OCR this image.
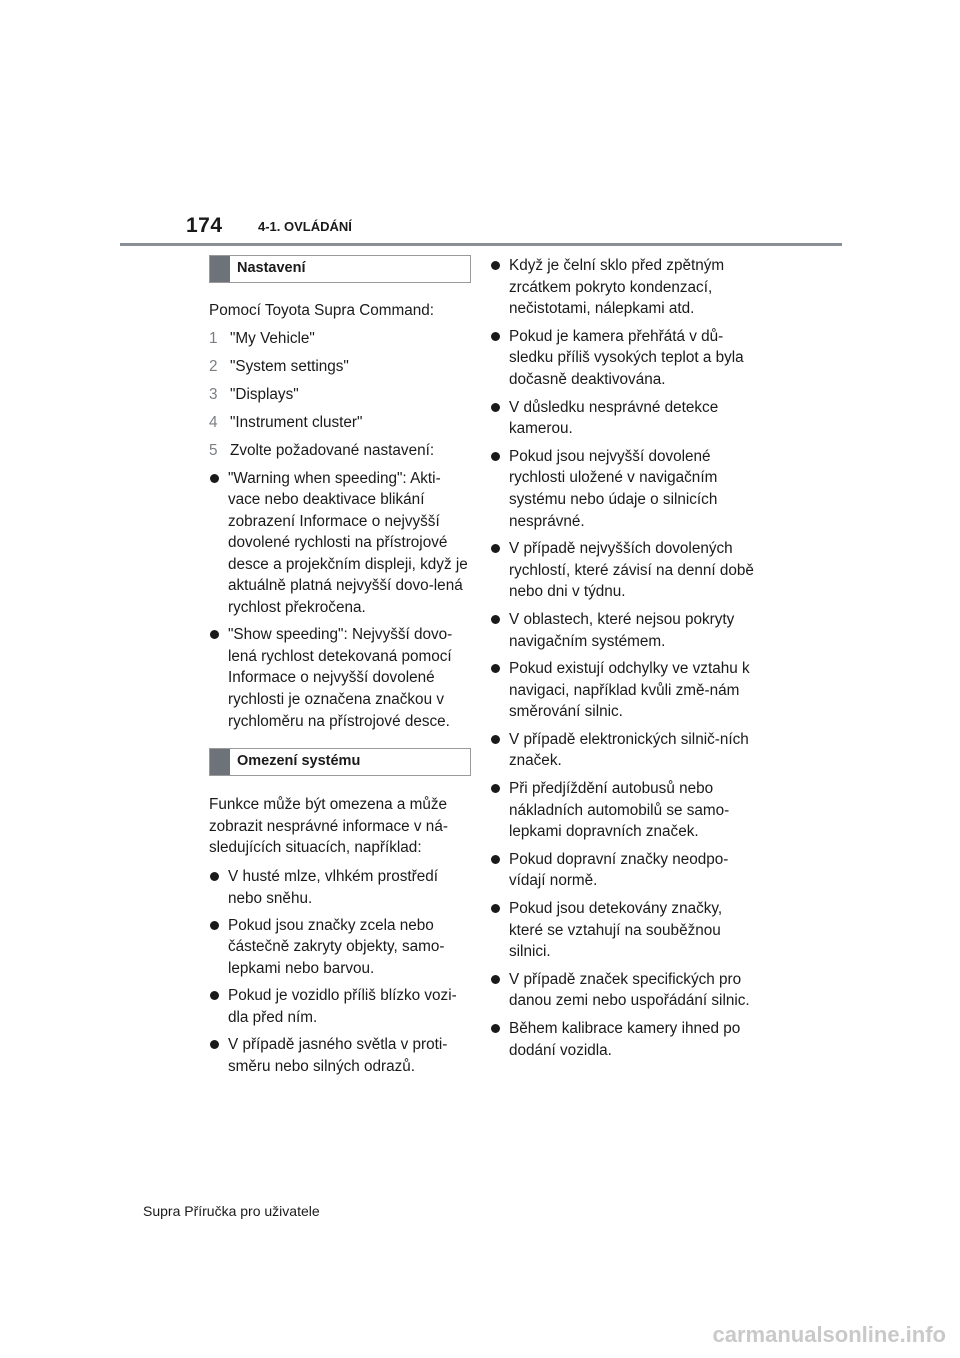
174	4-1. OVLÁDÁNÍ
Nastavení

Pomocí Toyota Supra Command:

1 "My Vehicle"
2 "System settings"
3 "Displays"
4 "Instrument cluster"
5 Zvolte požadované nastavení:
"Warning when speeding": Akti-vace nebo deaktivace blikání zobrazení Informace o nejvyšší dovolené rychlosti na přístrojové desce a projekčním displeji, když je aktuálně platná nejvyšší dovo-lená rychlost překročena.
"Show speeding": Nejvyšší dovo-lená rychlost detekovaná pomocí Informace o nejvyšší dovolené rychlosti je označena značkou v rychloměru na přístrojové desce.
Omezení systému

Funkce může být omezena a může zobrazit nesprávné informace v ná-sledujících situacích, například:

V husté mlze, vlhkém prostředí nebo sněhu.
Pokud jsou značky zcela nebo částečně zakryty objekty, samo-lepkami nebo barvou.
Pokud je vozidlo příliš blízko vozi-dla před ním.
V případě jasného světla v proti-směru nebo silných odrazů.
Když je čelní sklo před zpětným zrcátkem pokryto kondenzací, nečistotami, nálepkami atd.
Pokud je kamera přehřátá v dů-sledku příliš vysokých teplot a byla dočasně deaktivována.
V důsledku nesprávné detekce kamerou.
Pokud jsou nejvyšší dovolené rychlosti uložené v navigačním systému nebo údaje o silnicích nesprávné.
V případě nejvyšších dovolených rychlostí, které závisí na denní době nebo dni v týdnu.
V oblastech, které nejsou pokryty navigačním systémem.
Pokud existují odchylky ve vztahu k navigaci, například kvůli změ-nám směrování silnic.
V případě elektronických silnič-ních značek.
Při předjíždění autobusů nebo nákladních automobilů se samo-lepkami dopravních značek.
Pokud dopravní značky neodpo-vídají normě.
Pokud jsou detekovány značky, které se vztahují na souběžnou silnici.
V případě značek specifických pro danou zemi nebo uspořádání silnic.
Během kalibrace kamery ihned po dodání vozidla.
Supra Příručka pro uživatele
carmanualsonline.info
